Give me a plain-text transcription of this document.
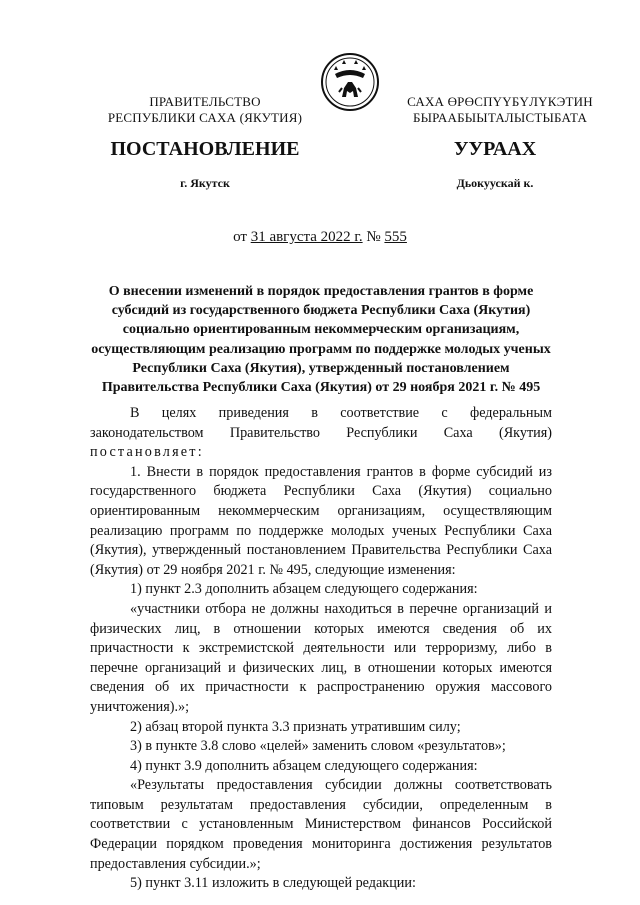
ПРАВИТЕЛЬСТВО
РЕСПУБЛИКИ САХА (ЯКУТИЯ)
САХА ӨРӨСПҮҮБҮЛҮКЭТИН
БЫРААБЫЫТАЛЫСТЫБАТА
ПОСТАНОВЛЕНИЕ	УУРААХ
г. Якутск	Дьокуускай к.
от 31 августа 2022 г. № 555
О внесении изменений в порядок предоставления грантов в форме субсидий из государственного бюджета Республики Саха (Якутия) социально ориентированным некоммерческим организациям, осуществляющим реализацию программ по поддержке молодых ученых Республики Саха (Якутия), утвержденный постановлением Правительства Республики Саха (Якутия) от 29 ноября 2021 г. № 495

В целях приведения в соответствие с федеральным законодательством Правительство Республики Саха (Якутия) постановляет:

1. Внести в порядок предоставления грантов в форме субсидий из государственного бюджета Республики Саха (Якутия) социально ориентированным некоммерческим организациям, осуществляющим реализацию программ по поддержке молодых ученых Республики Саха (Якутия), утвержденный постановлением Правительства Республики Саха (Якутия) от 29 ноября 2021 г. № 495, следующие изменения:

1) пункт 2.3 дополнить абзацем следующего содержания:

«участники отбора не должны находиться в перечне организаций и физических лиц, в отношении которых имеются сведения об их причастности к экстремистской деятельности или терроризму, либо в перечне организаций и физических лиц, в отношении которых имеются сведения об их причастности к распространению оружия массового уничтожения).»;

2) абзац второй пункта 3.3 признать утратившим силу;

3) в пункте 3.8 слово «целей» заменить словом «результатов»;

4) пункт 3.9 дополнить абзацем следующего содержания:

«Результаты предоставления субсидии должны соответствовать типовым результатам предоставления субсидии, определенным в соответствии с установленным Министерством финансов Российской Федерации порядком проведения мониторинга достижения результатов предоставления субсидии.»;

5) пункт 3.11 изложить в следующей редакции:
